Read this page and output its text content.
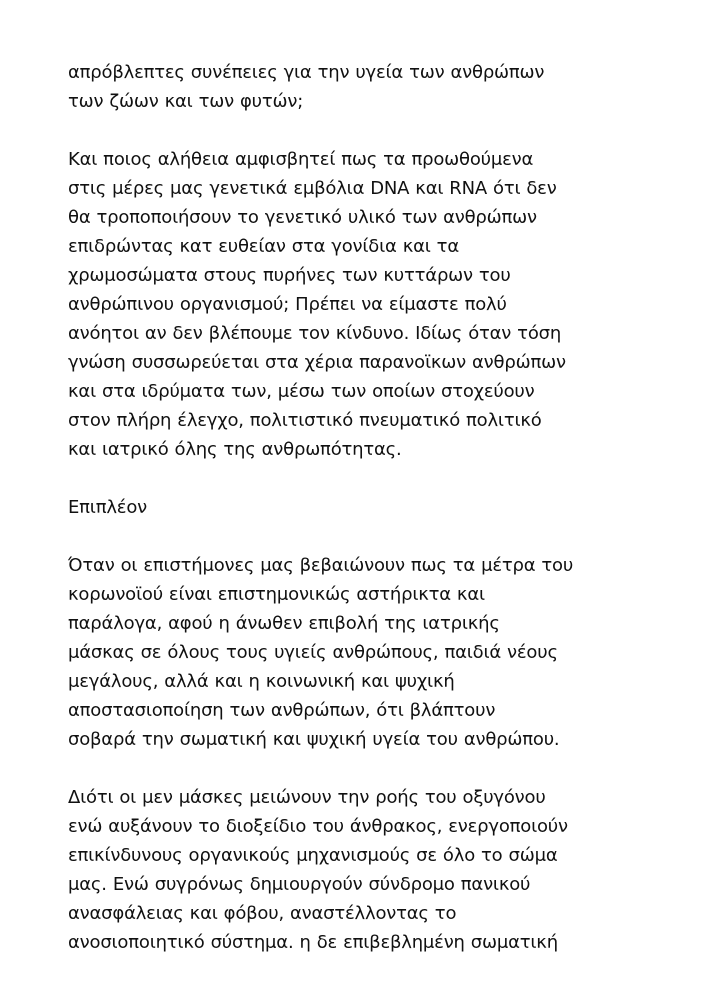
απρόβλεπτες συνέπειες για την υγεία των ανθρώπων
των ζώων και των φυτών;

Και ποιος αλήθεια αμφισβητεί πως τα προωθούμενα
στις μέρες μας γενετικά εμβόλια DNA και RNA ότι δεν
θα τροποποιήσουν το γενετικό υλικό των ανθρώπων
επιδρώντας κατ ευθείαν στα γονίδια και τα
χρωμοσώματα στους πυρήνες των κυττάρων του
ανθρώπινου οργανισμού; Πρέπει να είμαστε πολύ
ανόητοι αν δεν βλέπουμε τον κίνδυνο. Ιδίως όταν τόση
γνώση συσσωρεύεται στα χέρια παρανοϊκων ανθρώπων
και στα ιδρύματα των, μέσω των οποίων στοχεύουν
στον πλήρη έλεγχο, πολιτιστικό πνευματικό πολιτικό
και ιατρικό όλης της ανθρωπότητας.

Επιπλέον

Όταν οι επιστήμονες μας βεβαιώνουν πως τα μέτρα του
κορωνοϊού είναι επιστημονικώς αστήρικτα και
παράλογα, αφού η άνωθεν επιβολή της ιατρικής
μάσκας σε όλους τους υγιείς ανθρώπους, παιδιά νέους
μεγάλους, αλλά και η κοινωνική και ψυχική
αποστασιοποίηση των ανθρώπων, ότι βλάπτουν
σοβαρά την σωματική και ψυχική υγεία του ανθρώπου.

Διότι οι μεν μάσκες μειώνουν την ροής του οξυγόνου
ενώ αυξάνουν το διοξείδιο του άνθρακος, ενεργοποιούν
επικίνδυνους οργανικούς μηχανισμούς σε όλο το σώμα
μας. Ενώ συγρόνως δημιουργούν σύνδρομο πανικού
ανασφάλειας και φόβου, αναστέλλοντας το
ανοσιοποιητικό σύστημα. η δε επιβεβλημένη σωματική
